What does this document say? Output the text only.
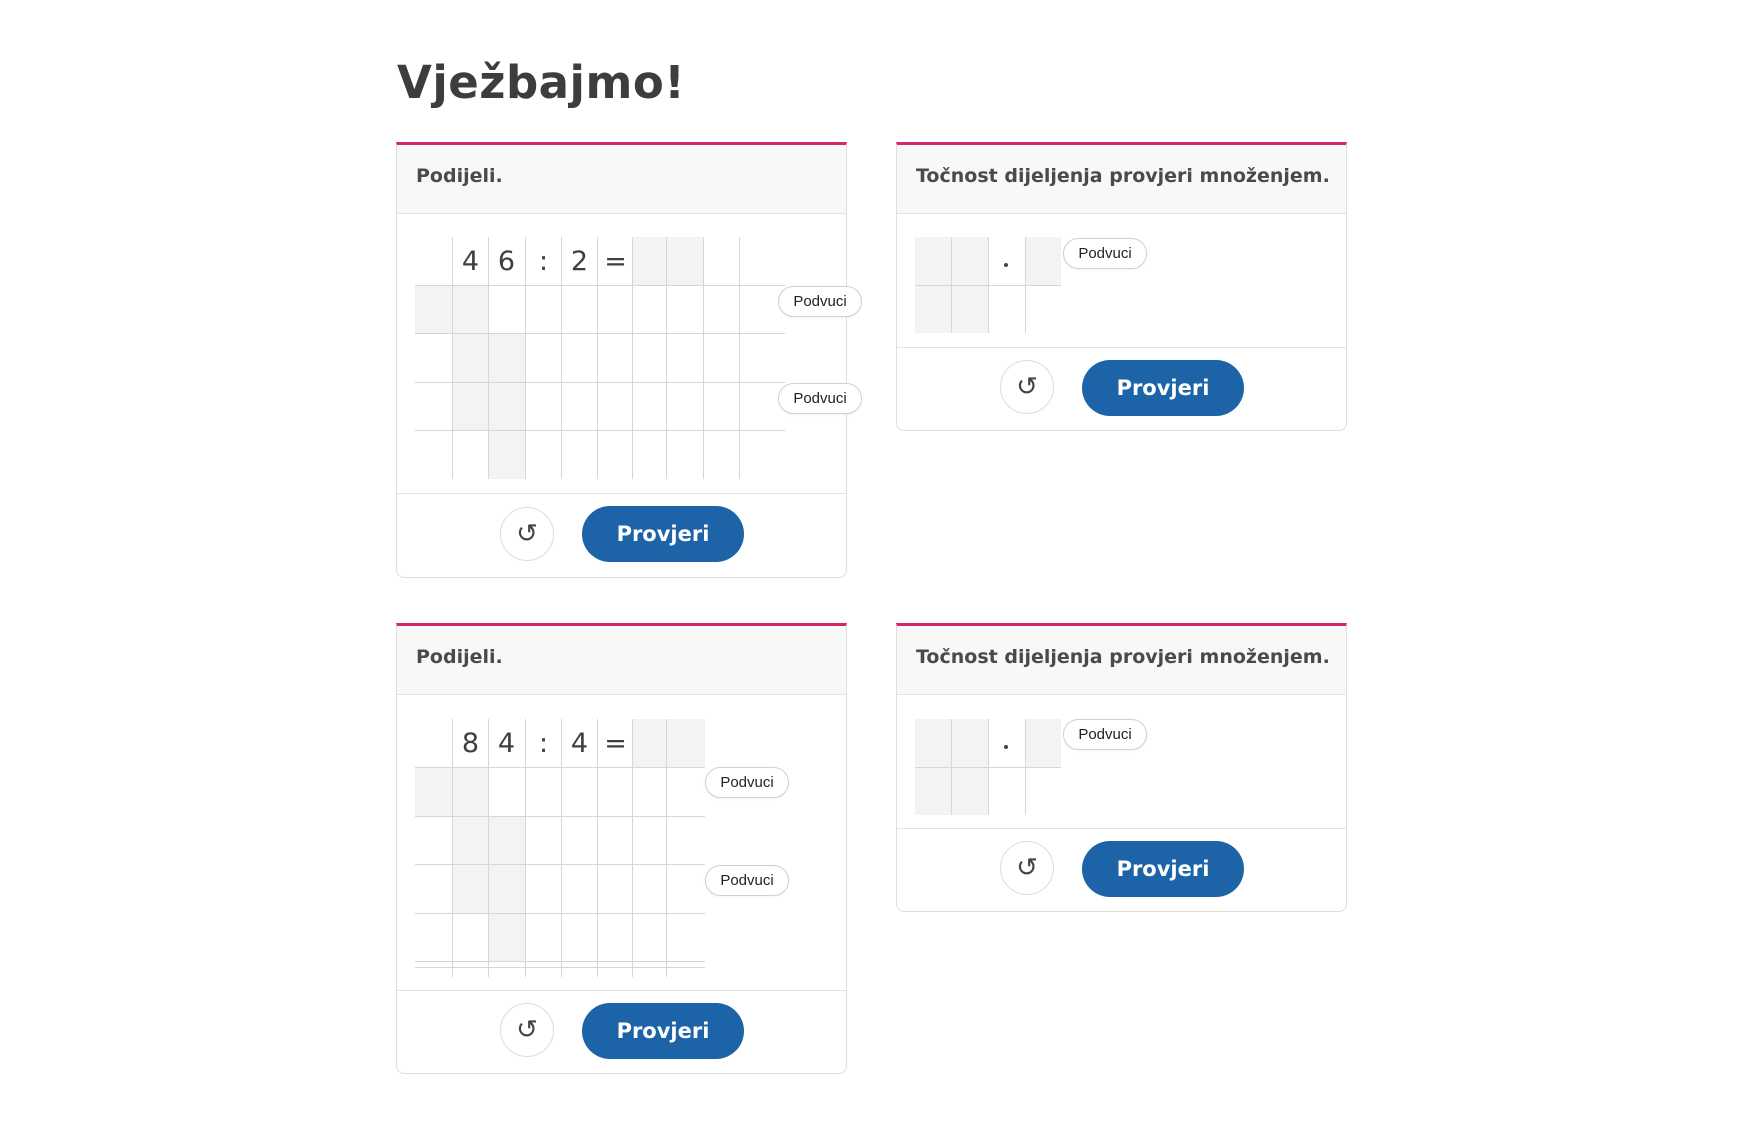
Vježbajmo!
Podijeli.
4 6 : 2 =
Podvuci
Podvuci
↺	Provjeri
Točnost dijeljenja provjeri množenjem.
Podvuci
↺	Provjeri
Podijeli.
8 4 : 4 =
Podvuci
Podvuci
↺	Provjeri
Točnost dijeljenja provjeri množenjem.
Podvuci
↺	Provjeri
